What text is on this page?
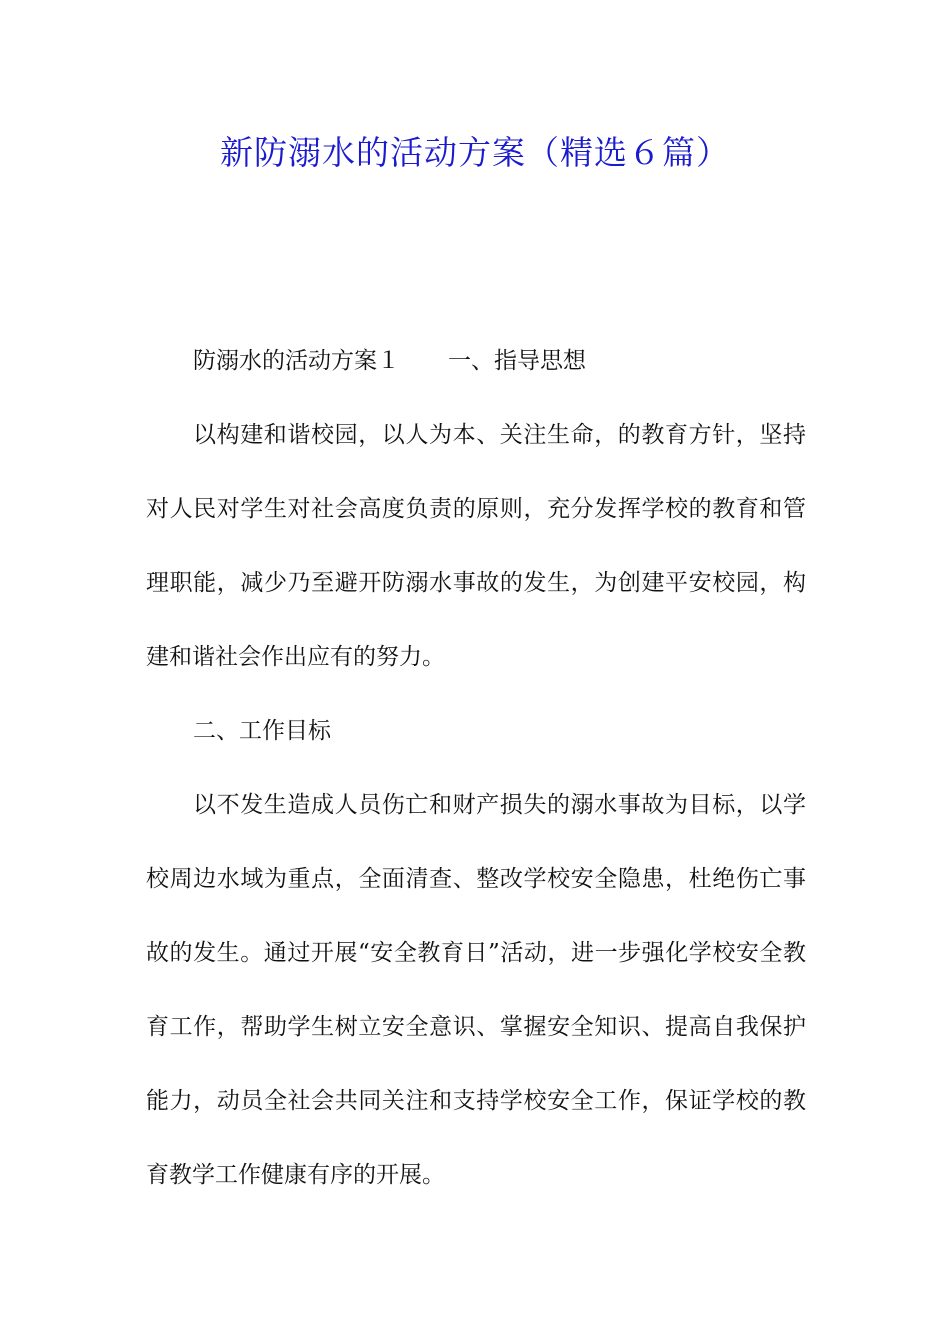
新防溺水的活动方案（精选６篇）
防溺水的活动方案１ 一、指导思想
以构建和谐校园，以人为本、关注生命，的教育方针，坚持对人民对学生对社会高度负责的原则，充分发挥学校的教育和管理职能，减少乃至避开防溺水事故的发生，为创建平安校园，构建和谐社会作出应有的努力。
二、工作目标
以不发生造成人员伤亡和财产损失的溺水事故为目标，以学校周边水域为重点，全面清查、整改学校安全隐患，杜绝伤亡事故的发生。通过开展“安全教育日”活动，进一步强化学校安全教育工作，帮助学生树立安全意识、掌握安全知识、提高自我保护能力，动员全社会共同关注和支持学校安全工作，保证学校的教育教学工作健康有序的开展。
